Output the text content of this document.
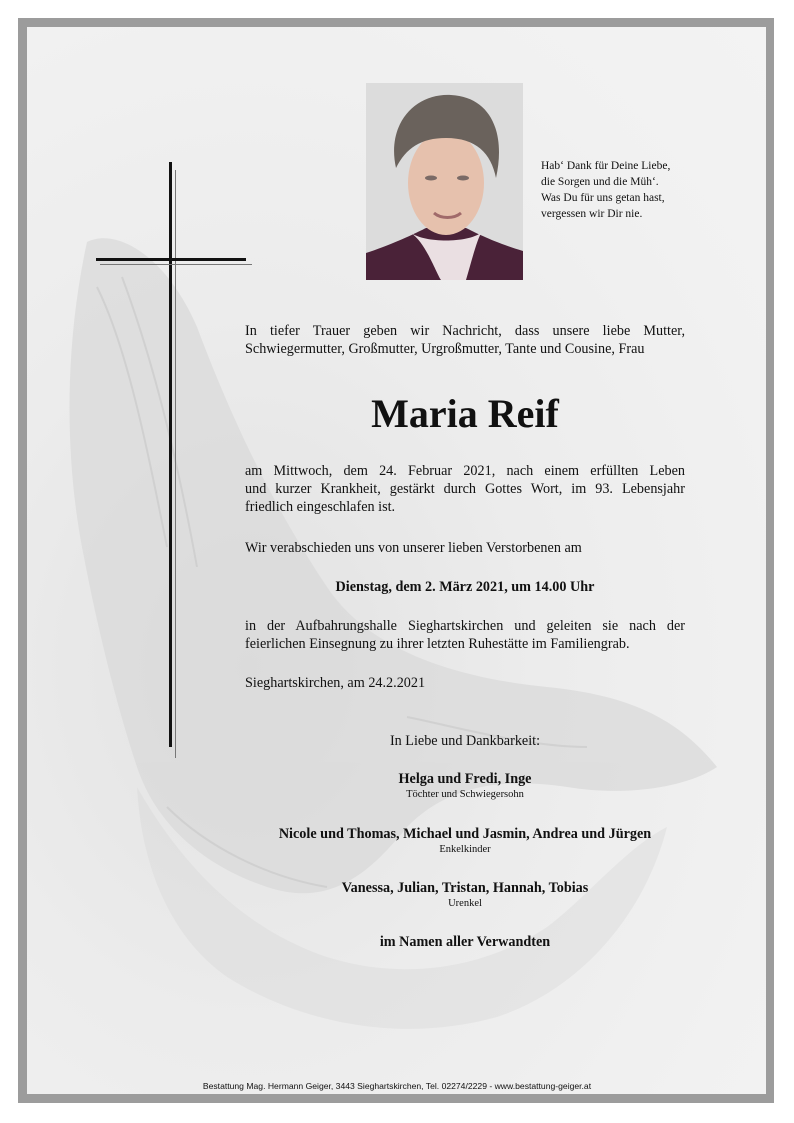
Hab‘ Dank für Deine Liebe,
die Sorgen und die Müh‘.
Was Du für uns getan hast,
vergessen wir Dir nie.

In tiefer Trauer geben wir Nachricht, dass unsere liebe Mutter,

Schwiegermutter, Großmutter, Urgroßmutter, Tante und Cousine, Frau

Maria Reif

am Mittwoch, dem 24. Februar 2021, nach einem erfüllten Leben

und kurzer Krankheit, gestärkt durch Gottes Wort, im 93. Lebensjahr

friedlich eingeschlafen ist.

Wir verabschieden uns von unserer lieben Verstorbenen am

Dienstag, dem 2. März 2021, um 14.00 Uhr

in der Aufbahrungshalle Sieghartskirchen und geleiten sie nach der

feierlichen Einsegnung zu ihrer letzten Ruhestätte im Familiengrab.

Sieghartskirchen, am 24.2.2021

In Liebe und Dankbarkeit:

Helga und Fredi, Inge

Töchter und Schwiegersohn

Nicole und Thomas, Michael und Jasmin, Andrea und Jürgen

Enkelkinder

Vanessa, Julian, Tristan, Hannah, Tobias

Urenkel

im Namen aller Verwandten

Bestattung Mag. Hermann Geiger, 3443 Sieghartskirchen, Tel. 02274/2229 - www.bestattung-geiger.at
